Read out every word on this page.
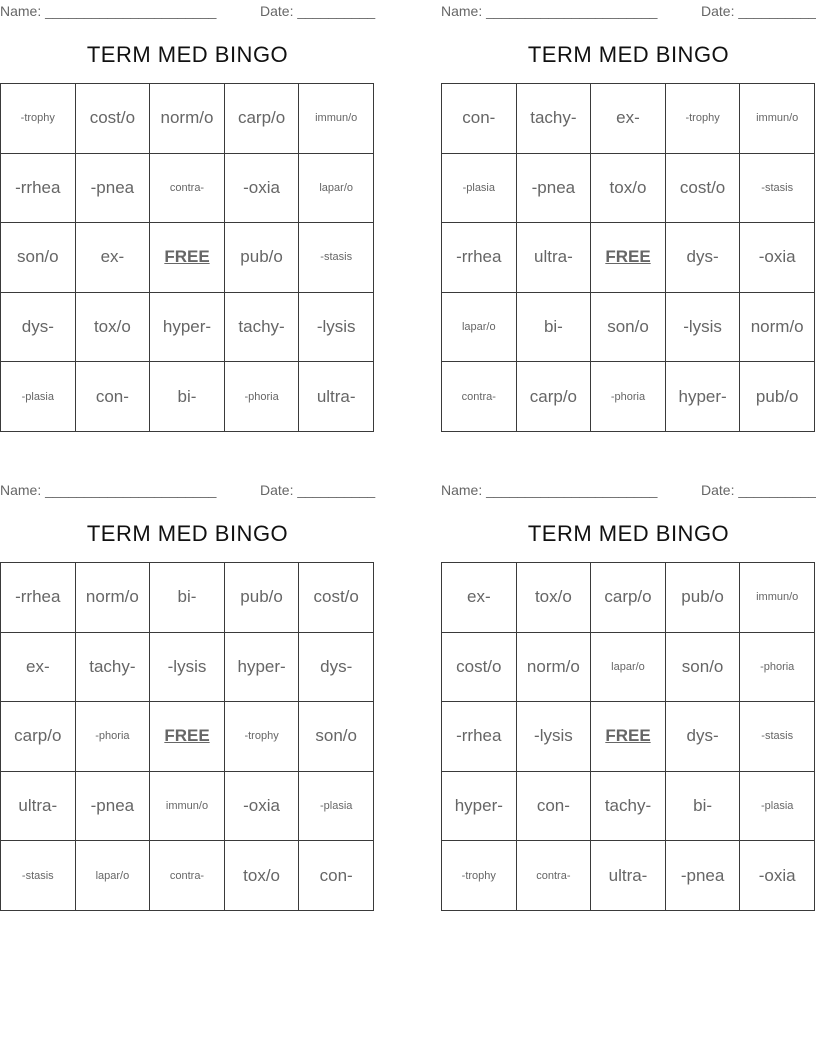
Name: ______________________	Date: __________
TERM MED BINGO
-trophy	cost/o	norm/o	carp/o	immun/o
-rrhea	-pnea	contra-	-oxia	lapar/o
son/o	ex-	FREE	pub/o	-stasis
dys-	tox/o	hyper-	tachy-	-lysis
-plasia	con-	bi-	-phoria	ultra-
Name: ______________________	Date: __________
TERM MED BINGO
con-	tachy-	ex-	-trophy	immun/o
-plasia	-pnea	tox/o	cost/o	-stasis
-rrhea	ultra-	FREE	dys-	-oxia
lapar/o	bi-	son/o	-lysis	norm/o
contra-	carp/o	-phoria	hyper-	pub/o
Name: ______________________	Date: __________
TERM MED BINGO
-rrhea	norm/o	bi-	pub/o	cost/o
ex-	tachy-	-lysis	hyper-	dys-
carp/o	-phoria	FREE	-trophy	son/o
ultra-	-pnea	immun/o	-oxia	-plasia
-stasis	lapar/o	contra-	tox/o	con-
Name: ______________________	Date: __________
TERM MED BINGO
ex-	tox/o	carp/o	pub/o	immun/o
cost/o	norm/o	lapar/o	son/o	-phoria
-rrhea	-lysis	FREE	dys-	-stasis
hyper-	con-	tachy-	bi-	-plasia
-trophy	contra-	ultra-	-pnea	-oxia
